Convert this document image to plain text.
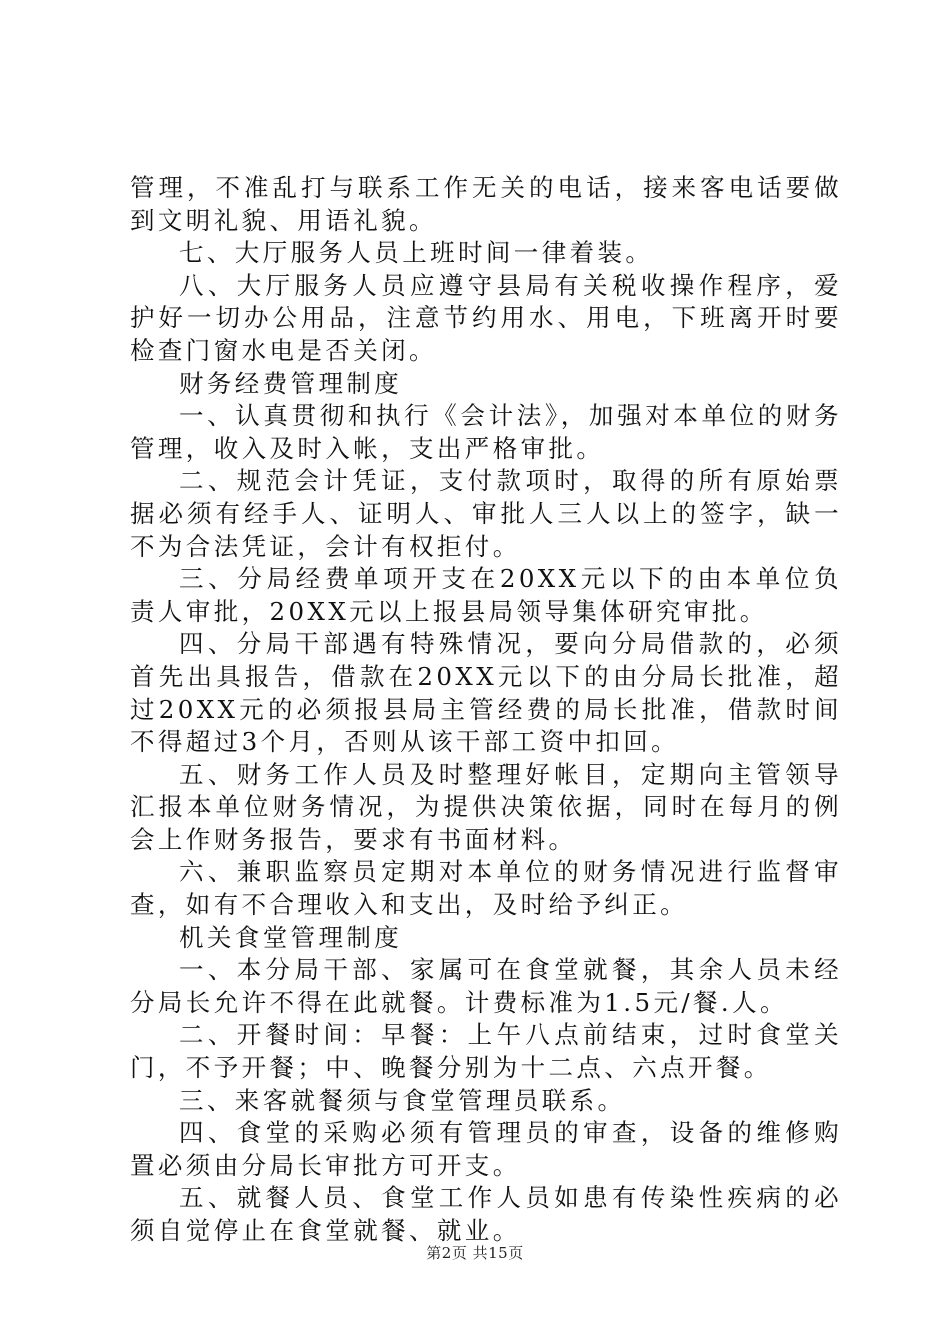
管理，不准乱打与联系工作无关的电话，接来客电话要做到文明礼貌、用语礼貌。

七、大厅服务人员上班时间一律着装。

八、大厅服务人员应遵守县局有关税收操作程序，爱护好一切办公用品，注意节约用水、用电，下班离开时要检查门窗水电是否关闭。

财务经费管理制度

一、认真贯彻和执行《会计法》，加强对本单位的财务管理，收入及时入帐，支出严格审批。

二、规范会计凭证，支付款项时，取得的所有原始票据必须有经手人、证明人、审批人三人以上的签字，缺一不为合法凭证，会计有权拒付。

三、分局经费单项开支在20XX元以下的由本单位负责人审批，20XX元以上报县局领导集体研究审批。

四、分局干部遇有特殊情况，要向分局借款的，必须首先出具报告，借款在20XX元以下的由分局长批准，超过20XX元的必须报县局主管经费的局长批准，借款时间不得超过3个月，否则从该干部工资中扣回。

五、财务工作人员及时整理好帐目，定期向主管领导汇报本单位财务情况，为提供决策依据，同时在每月的例会上作财务报告，要求有书面材料。

六、兼职监察员定期对本单位的财务情况进行监督审查，如有不合理收入和支出，及时给予纠正。

机关食堂管理制度

一、本分局干部、家属可在食堂就餐，其余人员未经分局长允许不得在此就餐。计费标准为1.5元/餐.人。

二、开餐时间：早餐：上午八点前结束，过时食堂关门，不予开餐；中、晚餐分别为十二点、六点开餐。

三、来客就餐须与食堂管理员联系。

四、食堂的采购必须有管理员的审查，设备的维修购置必须由分局长审批方可开支。

五、就餐人员、食堂工作人员如患有传染性疾病的必须自觉停止在食堂就餐、就业。

第2页 共15页
